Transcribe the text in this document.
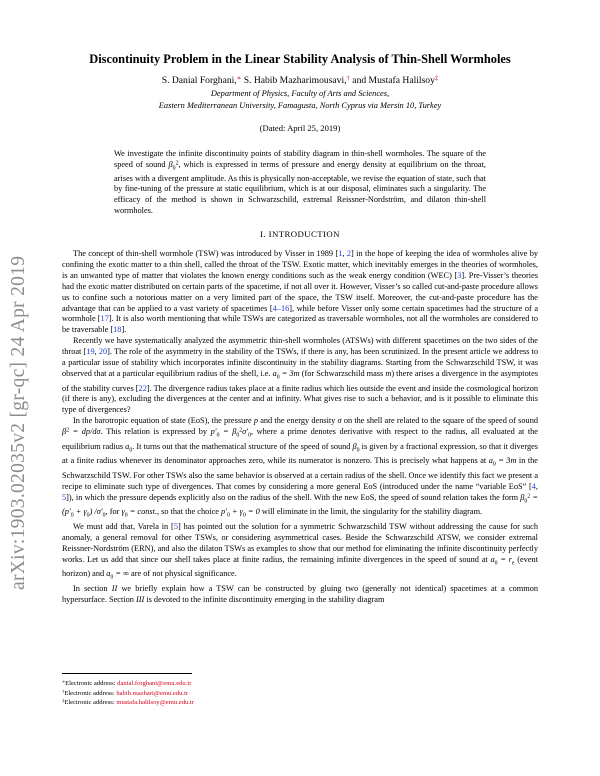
arXiv:1903.02035v2 [gr-qc] 24 Apr 2019
Discontinuity Problem in the Linear Stability Analysis of Thin-Shell Wormholes
S. Danial Forghani,∗ S. Habib Mazharimousavi,† and Mustafa Halilsoy‡
Department of Physics, Faculty of Arts and Sciences,
Eastern Mediterranean University, Famagusta, North Cyprus via Mersin 10, Turkey
(Dated: April 25, 2019)
We investigate the infinite discontinuity points of stability diagram in thin-shell wormholes. The square of the speed of sound $\beta_0^2$, which is expressed in terms of pressure and energy density at equilibrium on the throat, arises with a divergent amplitude. As this is physically non-acceptable, we revise the equation of state, such that by fine-tuning of the pressure at static equilibrium, which is at our disposal, eliminates such a singularity. The efficacy of the method is shown in Schwarzschild, extremal Reissner-Nordström, and dilaton thin-shell wormholes.
I. INTRODUCTION

The concept of thin-shell wormhole (TSW) was introduced by Visser in 1989 [1, 2] in the hope of keeping the idea of wormholes alive by confining the exotic matter to a thin shell, called the throat of the TSW. Exotic matter, which inevitably emerges in the theories of wormholes, is an unwanted type of matter that violates the known energy conditions such as the weak energy condition (WEC) [3]. Pre-Visser’s theories had the exotic matter distributed on certain parts of the spacetime, if not all over it. However, Visser’s so called cut-and-paste procedure allows us to confine such a notorious matter on a very limited part of the space, the TSW itself. Moreover, the cut-and-paste procedure has the advantage that can be applied to a vast variety of spacetimes [4–16], while before Visser only some certain spacetimes had the structure of a wormhole [17]. It is also worth mentioning that while TSWs are categorized as traversable wormholes, not all the wormholes are considered to be traversable [18].

Recently we have systematically analyzed the asymmetric thin-shell wormholes (ATSWs) with different spacetimes on the two sides of the throat [19, 20]. The role of the asymmetry in the stability of the TSWs, if there is any, has been scrutinized. In the present article we address to a particular issue of stability which incorporates infinite discontinuity in the stability diagrams. Starting from the Schwarzschild TSW, it was observed that at a particular equilibrium radius of the shell, i.e. $a_0 = 3m$ (for Schwarzschild mass m) there arises a divergence in the asymptotes of the stability curves [22]. The divergence radius takes place at a finite radius which lies outside the event and inside the cosmological horizon (if there is any), excluding the divergences at the center and at infinity. What gives rise to such a behavior, and is it possible to eliminate this type of divergences?

In the barotropic equation of state (EoS), the pressure p and the energy density σ on the shell are related to the square of the speed of sound $\beta^2 = dp/d\sigma$. This relation is expressed by $p'_0 = \beta_0^2\sigma'_0$, where a prime denotes derivative with respect to the radius, all evaluated at the equilibrium radius $a_0$. It turns out that the mathematical structure of the speed of sound $\beta_0$ is given by a fractional expression, so that it diverges at a finite radius whenever its denominator approaches zero, while its numerator is nonzero. This is precisely what happens at $a_0 = 3m$ in the Schwarzschild TSW. For other TSWs also the same behavior is observed at a certain radius of the shell. Once we identify this fact we present a recipe to eliminate such type of divergences. That comes by considering a more general EoS (introduced under the name “variable EoS” [4, 5]), in which the pressure depends explicitly also on the radius of the shell. With the new EoS, the speed of sound relation takes the form $\beta_0^2 = (p'_0 + \gamma_0)$ $/\sigma'_0$, for $\gamma_0$ = const., so that the choice $p'_0 + \gamma_0 = 0$ will eliminate in the limit, the singularity for the stability diagram.

We must add that, Varela in [5] has pointed out the solution for a symmetric Schwarzschild TSW without addressing the cause for such anomaly, a general removal for other TSWs, or considering asymmetrical cases. Beside the Schwarzschild ATSW, we consider extremal Reissner-Nordström (ERN), and also the dilaton TSWs as examples to show that our method for eliminating the infinite discontinuity perfectly works. Let us add that since our shell takes place at finite radius, the remaining infinite divergences in the speed of sound at $a_0 = r_e$ (event horizon) and $a_0$ = ∞ are of not physical significance.

In section II we briefly explain how a TSW can be constructed by gluing two (generally not identical) spacetimes at a common hypersurface. Section III is devoted to the infinite discontinuity emerging in the stability diagram

∗Electronic address: danial.forghani@emu.edu.tr
†Electronic address: habib.mazhari@emu.edu.tr
‡Electronic address: mustafa.halilsoy@emu.edu.tr
